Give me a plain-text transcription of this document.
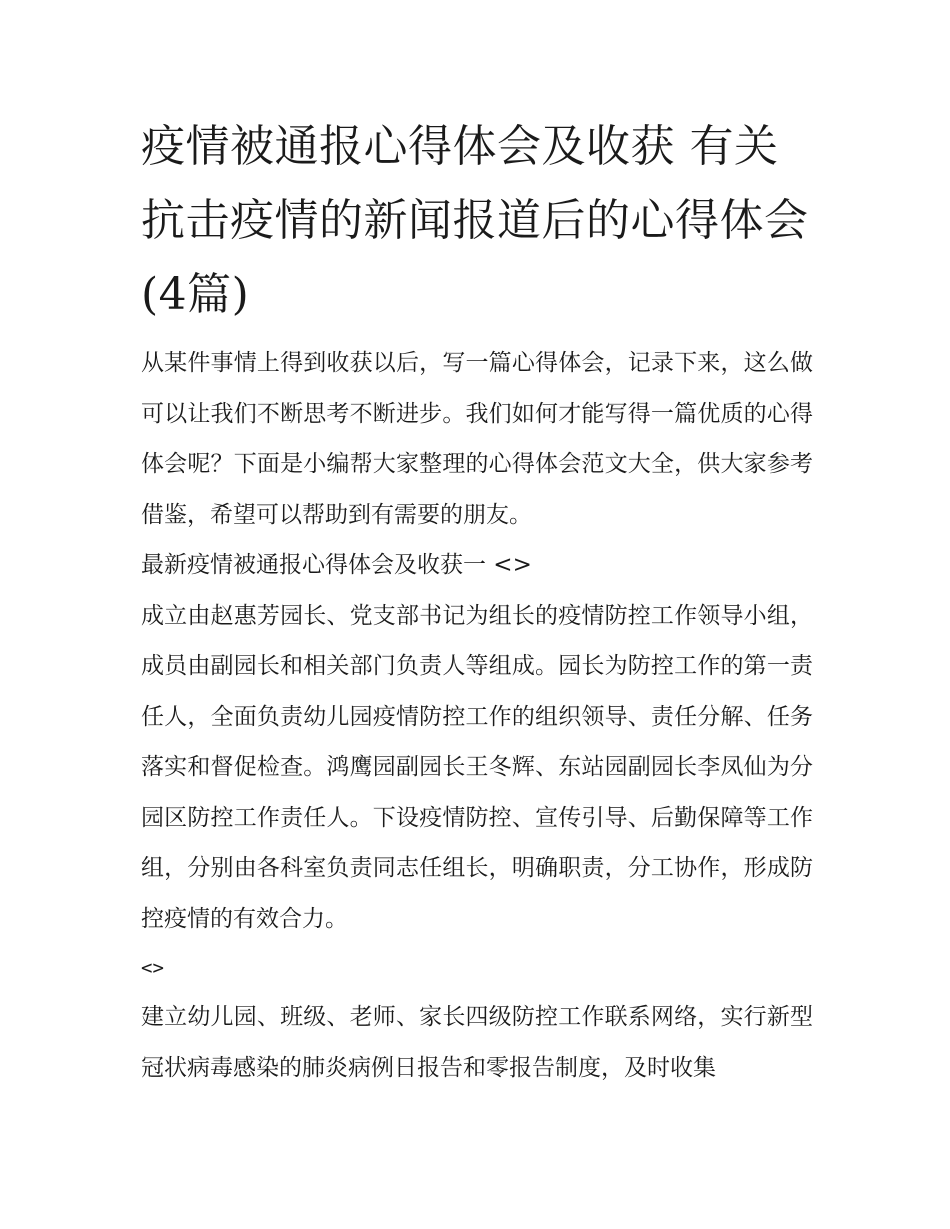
疫情被通报心得体会及收获 有关抗击疫情的新闻报道后的心得体会(4篇)

从某件事情上得到收获以后，写一篇心得体会，记录下来，这么做可以让我们不断思考不断进步。我们如何才能写得一篇优质的心得体会呢？下面是小编帮大家整理的心得体会范文大全，供大家参考借鉴，希望可以帮助到有需要的朋友。

最新疫情被通报心得体会及收获一 <>

成立由赵惠芳园长、党支部书记为组长的疫情防控工作领导小组，成员由副园长和相关部门负责人等组成。园长为防控工作的第一责任人，全面负责幼儿园疫情防控工作的组织领导、责任分解、任务落实和督促检查。鸿鹰园副园长王冬辉、东站园副园长李凤仙为分园区防控工作责任人。下设疫情防控、宣传引导、后勤保障等工作组，分别由各科室负责同志任组长，明确职责，分工协作，形成防控疫情的有效合力。

<>

建立幼儿园、班级、老师、家长四级防控工作联系网络，实行新型冠状病毒感染的肺炎病例日报告和零报告制度，及时收集
